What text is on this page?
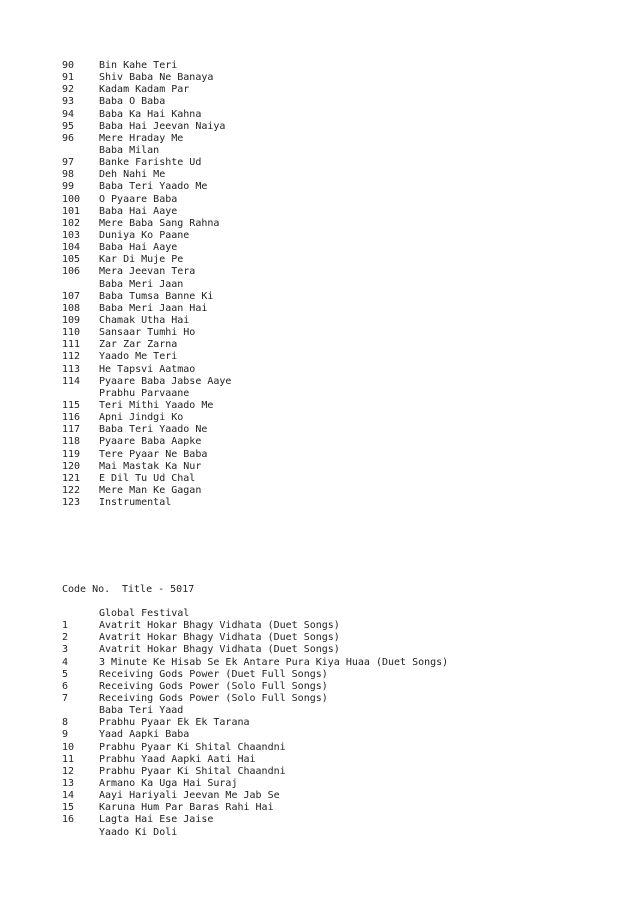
90 Bin Kahe Teri
91 Shiv Baba Ne Banaya
92 Kadam Kadam Par
93 Baba O Baba
94 Baba Ka Hai Kahna
95 Baba Hai Jeevan Naiya
96 Mere Hraday Me
Baba Milan
97 Banke Farishte Ud
98 Deh Nahi Me
99 Baba Teri Yaado Me
100 O Pyaare Baba
101 Baba Hai Aaye
102 Mere Baba Sang Rahna
103 Duniya Ko Paane
104 Baba Hai Aaye
105 Kar Di Muje Pe
106 Mera Jeevan Tera
Baba Meri Jaan
107 Baba Tumsa Banne Ki
108 Baba Meri Jaan Hai
109 Chamak Utha Hai
110 Sansaar Tumhi Ho
111 Zar Zar Zarna
112 Yaado Me Teri
113 He Tapsvi Aatmao
114 Pyaare Baba Jabse Aaye
Prabhu Parvaane
115 Teri Mithi Yaado Me
116 Apni Jindgi Ko
117 Baba Teri Yaado Ne
118 Pyaare Baba Aapke
119 Tere Pyaar Ne Baba
120 Mai Mastak Ka Nur
121 E Dil Tu Ud Chal
122 Mere Man Ke Gagan
123 Instrumental
Code No. Title - 5017
Global Festival
1	Avatrit Hokar Bhagy Vidhata (Duet Songs)
2	Avatrit Hokar Bhagy Vidhata (Duet Songs)
3	Avatrit Hokar Bhagy Vidhata (Duet Songs)
4	3 Minute Ke Hisab Se Ek Antare Pura Kiya Huaa (Duet Songs)
5	Receiving Gods Power (Duet Full Songs)
6	Receiving Gods Power (Solo Full Songs)
7	Receiving Gods Power (Solo Full Songs)
Baba Teri Yaad
8	Prabhu Pyaar Ek Ek Tarana
9	Yaad Aapki Baba
10 Prabhu Pyaar Ki Shital Chaandni
11 Prabhu Yaad Aapki Aati Hai
12 Prabhu Pyaar Ki Shital Chaandni
13 Armano Ka Uga Hai Suraj
14 Aayi Hariyali Jeevan Me Jab Se
15 Karuna Hum Par Baras Rahi Hai
16 Lagta Hai Ese Jaise
Yaado Ki Doli
